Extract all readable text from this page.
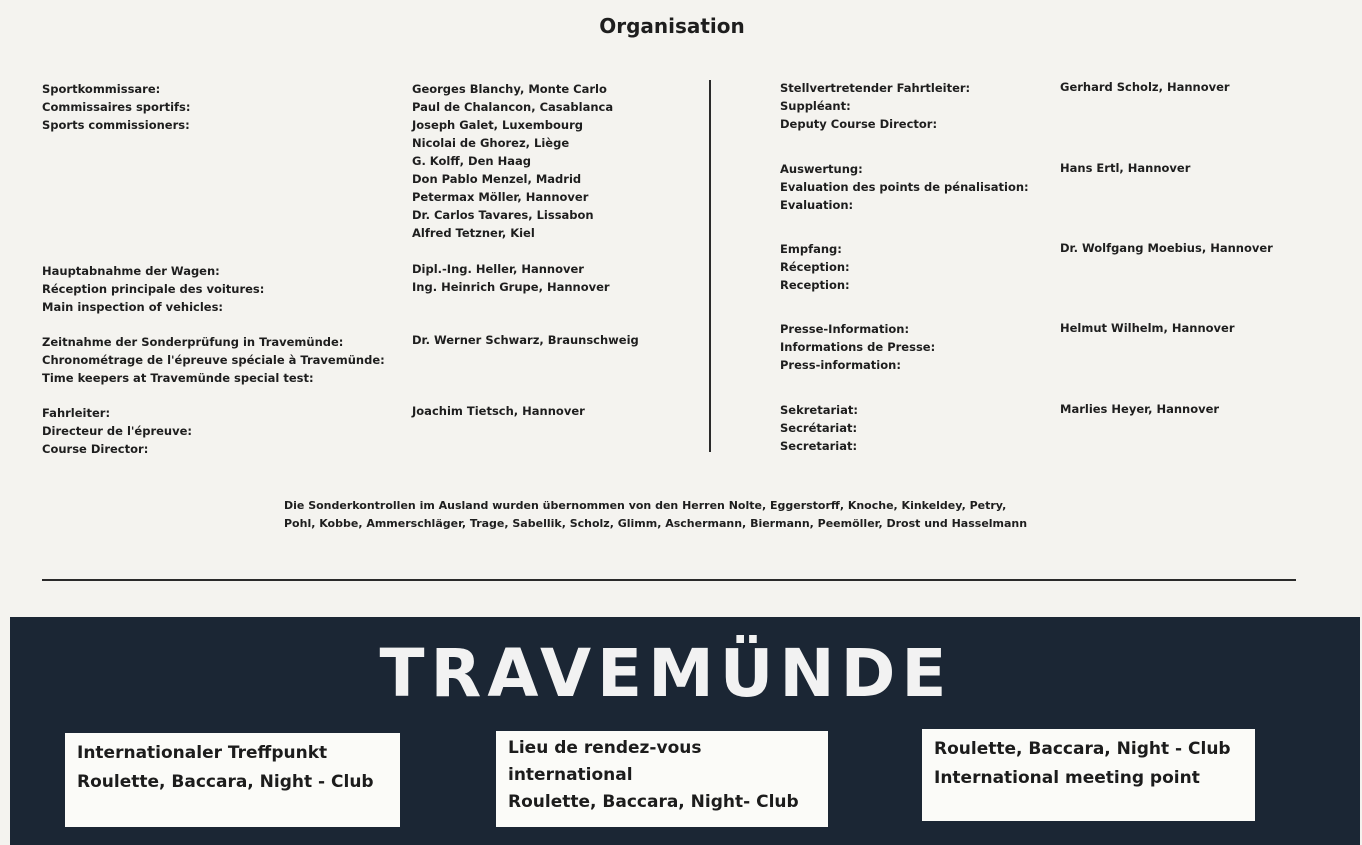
Organisation
Sportkommissare:
Commissaires sportifs:
Sports commissioners:
Georges Blanchy, Monte Carlo
Paul de Chalancon, Casablanca
Joseph Galet, Luxembourg
Nicolai de Ghorez, Liège
G. Kolff, Den Haag
Don Pablo Menzel, Madrid
Petermax Möller, Hannover
Dr. Carlos Tavares, Lissabon
Alfred Tetzner, Kiel
Hauptabnahme der Wagen:
Réception principale des voitures:
Main inspection of vehicles:
Dipl.-Ing. Heller, Hannover
Ing. Heinrich Grupe, Hannover
Zeitnahme der Sonderprüfung in Travemünde:
Chronométrage de l'épreuve spéciale à Travemünde:
Time keepers at Travemünde special test:
Dr. Werner Schwarz, Braunschweig
Fahrleiter:
Directeur de l'épreuve:
Course Director:
Joachim Tietsch, Hannover
Stellvertretender Fahrtleiter:
Suppléant:
Deputy Course Director:
Gerhard Scholz, Hannover
Auswertung:
Evaluation des points de pénalisation:
Evaluation:
Hans Ertl, Hannover
Empfang:
Réception:
Reception:
Dr. Wolfgang Moebius, Hannover
Presse-Information:
Informations de Presse:
Press-information:
Helmut Wilhelm, Hannover
Sekretariat:
Secrétariat:
Secretariat:
Marlies Heyer, Hannover
Die Sonderkontrollen im Ausland wurden übernommen von den Herren Nolte, Eggerstorff, Knoche, Kinkeldey, Petry,
Pohl, Kobbe, Ammerschläger, Trage, Sabellik, Scholz, Glimm, Aschermann, Biermann, Peemöller, Drost und Hasselmann
TRAVEMÜNDE
Internationaler Treffpunkt
Roulette, Baccara, Night - Club
Lieu de rendez-vous
international
Roulette, Baccara, Night- Club
Roulette, Baccara, Night - Club
International meeting point
